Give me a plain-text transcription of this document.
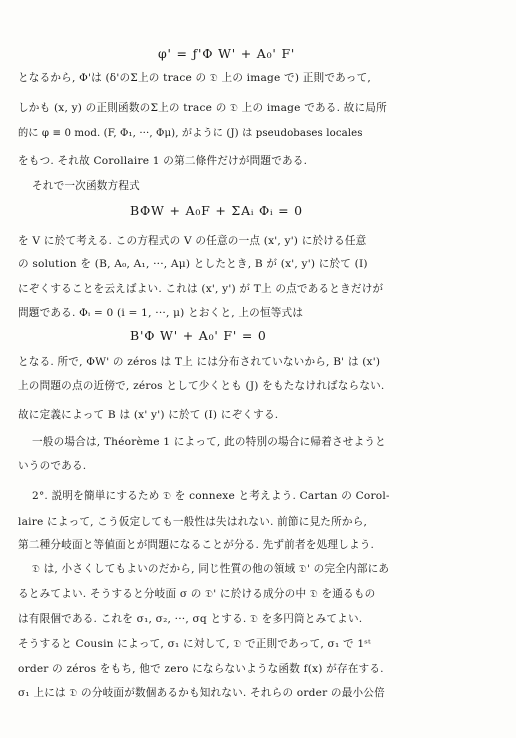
φ' = ƒ'Φ W' + A₀' F'
となるから, Φ'は (δ'のΣ上の trace の 𝔇 上の image で) 正則であって,
しかも (x, y) の正則函数のΣ上の trace の 𝔇 上の image である. 故に局所
的に φ ≡ 0 mod. (F, Φ₁, ···, Φμ), がように (J) は pseudobases locales
をもつ. それ故 Corollaire 1 の第二條件だけが問題である.
それで一次函数方程式
BΦW + A₀F + ΣAᵢ Φᵢ = 0
を V に於て考える. この方程式の V の任意の一点 (x', y') に於ける任意
の solution を (B, A₀, A₁, ···, Aμ) としたとき, B が (x', y') に於て (I)
にぞくすることを云えばよい. これは (x', y') が T上 の点であるときだけが
問題である. Φᵢ = 0 (i = 1, ···, μ) とおくと, 上の恒等式は
B'Φ W' + A₀' F' = 0
となる. 所で, ΦW' の zéros は T上 には分布されていないから, B' は (x')
上の問題の点の近傍で, zéros として少くとも (J) をもたなければならない.
故に定義によって B は (x' y') に於て (I) にぞくする.
一般の場合は, Théorème 1 によって, 此の特別の場合に帰着させようと
いうのである.
2°. 説明を簡単にするため 𝔇 を connexe と考えよう. Cartan の Corol-
laire によって, こう仮定しても一般性は失はれない. 前節に見た所から,
第二種分岐面と等値面とが問題になることが分る. 先ず前者を処理しよう.
𝔇 は, 小さくしてもよいのだから, 同じ性質の他の領域 𝔇' の完全内部にあ
るとみてよい. そうすると分岐面 σ の 𝔇' に於ける成分の中 𝔇 を通るもの
は有限個である. これを σ₁, σ₂, ···, σq とする. 𝔇 を多円筒とみてよい.
そうすると Cousin によって, σ₁ に対して, 𝔇 で正則であって, σ₁ で 1ˢᵗ
order の zéros をもち, 他で zero にならないような函数 f(x) が存在する.
σ₁ 上には 𝔇 の分岐面が数個あるかも知れない. それらの order の最小公倍
